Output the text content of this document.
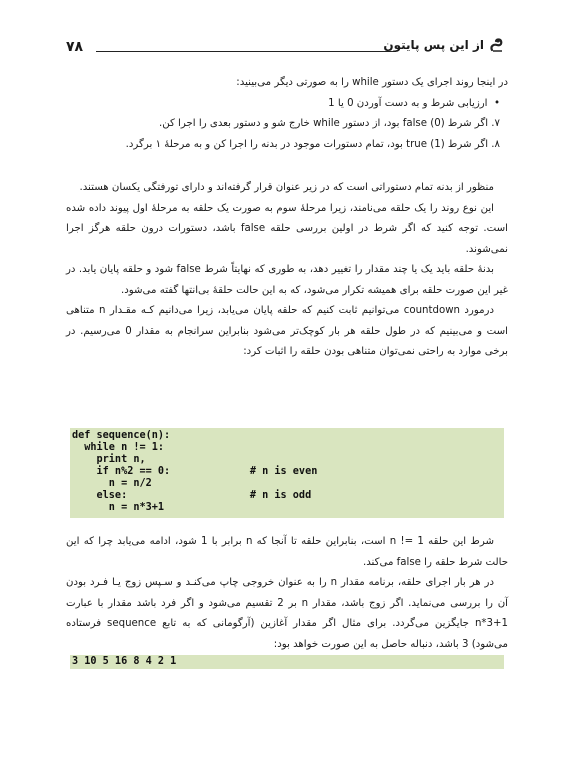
۷۸	از این پس پایتون

در اینجا روند اجرای یک دستور while را به صورتی دیگر می‌بینید:

•  ارزیابی شرط و به دست آوردن 0 یا 1
۷. اگر شرط false (0) بود، از دستور while خارج شو و دستور بعدی را اجرا کن.
۸. اگر شرط true (1) بود، تمام دستورات موجود در بدنه را اجرا کن و به مرحلهٔ ۱ برگرد.

منظور از بدنه تمام دستوراتی است که در زیر عنوان قرار گرفته‌اند و دارای تورفتگی یکسان هستند.

این نوع روند را یک حلقه می‌نامند، زیرا مرحلهٔ سوم به صورت یک حلقه به مرحلهٔ اول پیوند داده شده است. توجه کنید که اگر شرط در اولین بررسی حلقه false باشد، دستورات درون حلقه هرگز اجرا نمی‌شوند.

بدنهٔ حلقه باید یک یا چند مقدار را تغییر دهد، به طوری که نهایتاً شرط false شود و حلقه پایان یابد. در غیر این صورت حلقه برای همیشه تکرار می‌شود، که به این حالت حلقهٔ بی‌انتها گفته می‌شود.

درمورد countdown می‌توانیم ثابت کنیم که حلقه پایان می‌یابد، زیرا می‌دانیم کـه مقـدار n متناهی است و می‌بینیم که در طول حلقه هر بار کوچک‌تر می‌شود بنابراین سرانجام به مقدار 0 می‌رسیم. در برخی موارد به راحتی نمی‌توان متناهی بودن حلقه را اثبات کرد:

def sequence(n):
while n != 1:
print n,
if n%2 == 0:             # n is even
n = n/2
else:                    # n is odd
n = n*3+1

شرط این حلقه n != 1 است، بنابراین حلقه تا آنجا که n برابر با 1 شود، ادامه می‌یابد چرا که این حالت شرط حلقه را false می‌کند.

در هر بار اجرای حلقه، برنامه مقدار n را به عنوان خروجی چاپ می‌کنـد و سـپس زوج یـا فـرد بودن آن را بررسی می‌نماید. اگر زوج باشد، مقدار n بر 2 تقسیم می‌شود و اگر فرد باشد مقدار با عبارت n*3+1 جایگزین می‌گردد. برای مثال اگر مقدار آغازین (آرگومانی که به تابع sequence فرستاده می‌شود) 3 باشد، دنباله حاصل به این صورت خواهد بود:

3 10 5 16 8 4 2 1
